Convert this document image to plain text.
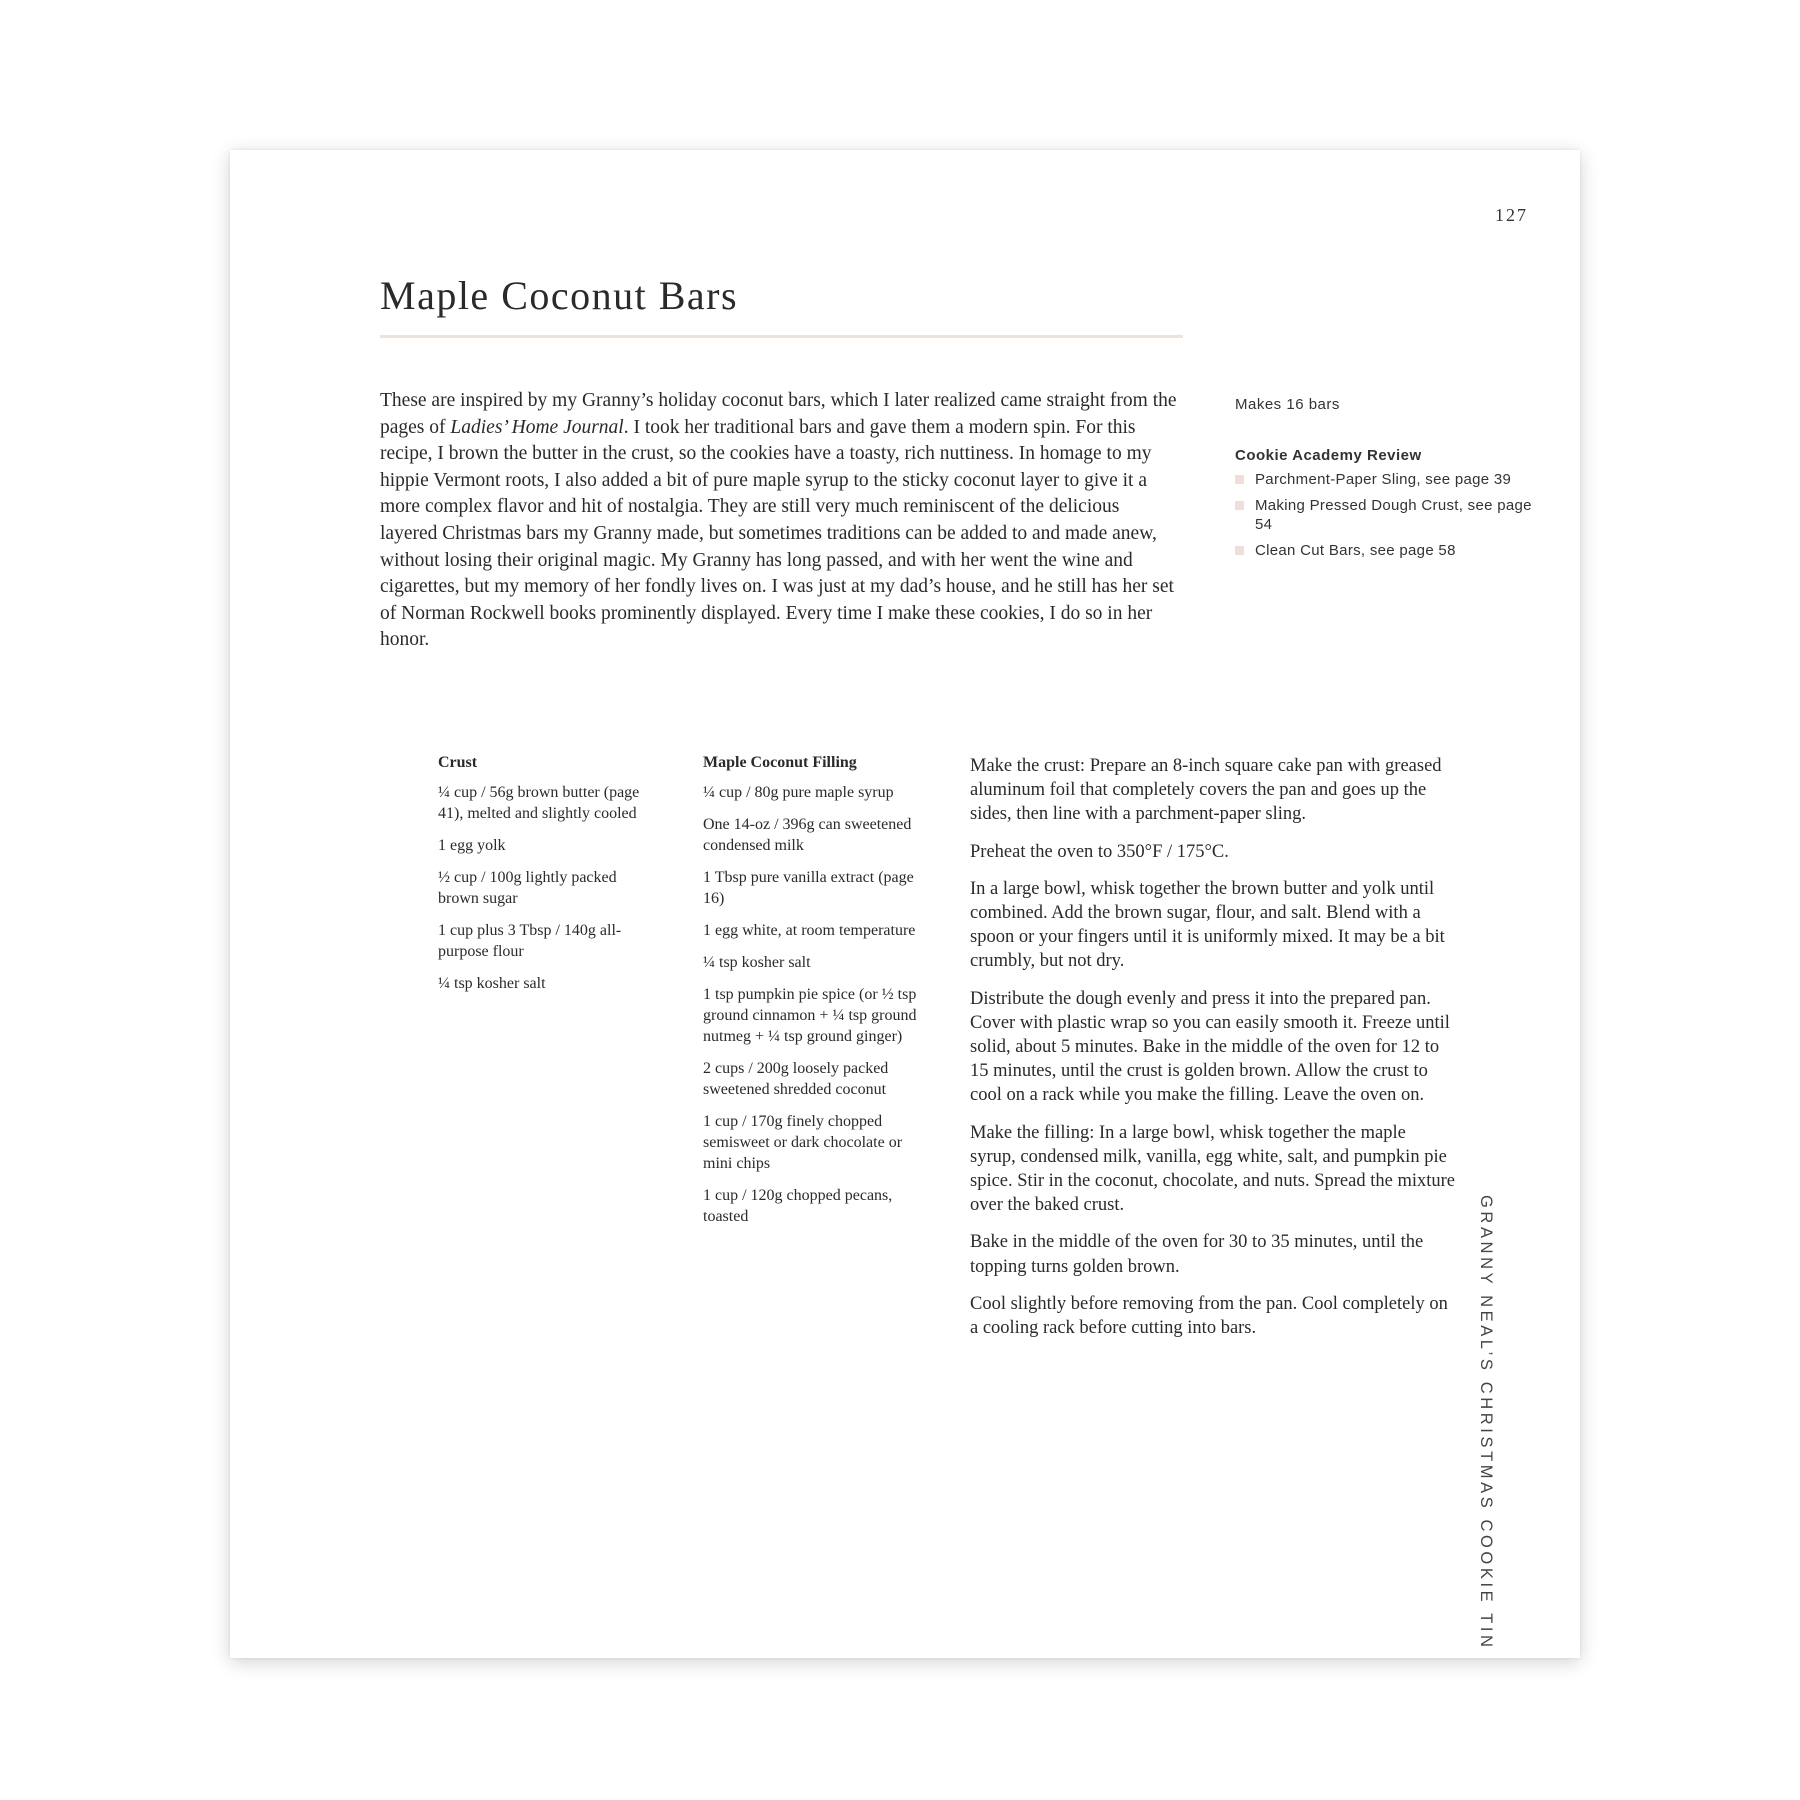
127
Maple Coconut Bars

These are inspired by my Granny’s holiday coconut bars, which I later realized came straight from the pages of Ladies’ Home Journal. I took her traditional bars and gave them a modern spin. For this recipe, I brown the butter in the crust, so the cookies have a toasty, rich nuttiness. In homage to my hippie Vermont roots, I also added a bit of pure maple syrup to the sticky coconut layer to give it a more complex flavor and hit of nostalgia. They are still very much reminiscent of the delicious layered Christmas bars my Granny made, but sometimes traditions can be added to and made anew, without losing their original magic. My Granny has long passed, and with her went the wine and cigarettes, but my memory of her fondly lives on. I was just at my dad’s house, and he still has her set of Norman Rockwell books prominently displayed. Every time I make these cookies, I do so in her honor.

Makes 16 bars

Cookie Academy Review

Parchment-Paper Sling, see page 39
Making Pressed Dough Crust, see page 54
Clean Cut Bars, see page 58

Crust

¼ cup / 56g brown butter (page 41), melted and slightly cooled
1 egg yolk
½ cup / 100g lightly packed brown sugar
1 cup plus 3 Tbsp / 140g all-purpose flour
¼ tsp kosher salt

Maple Coconut Filling

¼ cup / 80g pure maple syrup
One 14-oz / 396g can sweetened condensed milk
1 Tbsp pure vanilla extract (page 16)
1 egg white, at room temperature
¼ tsp kosher salt
1 tsp pumpkin pie spice (or ½ tsp ground cinnamon + ¼ tsp ground nutmeg + ¼ tsp ground ginger)
2 cups / 200g loosely packed sweetened shredded coconut
1 cup / 170g finely chopped semisweet or dark chocolate or mini chips
1 cup / 120g chopped pecans, toasted

Make the crust: Prepare an 8-inch square cake pan with greased aluminum foil that completely covers the pan and goes up the sides, then line with a parchment-paper sling.

Preheat the oven to 350°F / 175°C.

In a large bowl, whisk together the brown butter and yolk until combined. Add the brown sugar, flour, and salt. Blend with a spoon or your fingers until it is uniformly mixed. It may be a bit crumbly, but not dry.

Distribute the dough evenly and press it into the prepared pan. Cover with plastic wrap so you can easily smooth it. Freeze until solid, about 5 minutes. Bake in the middle of the oven for 12 to 15 minutes, until the crust is golden brown. Allow the crust to cool on a rack while you make the filling. Leave the oven on.

Make the filling: In a large bowl, whisk together the maple syrup, condensed milk, vanilla, egg white, salt, and pumpkin pie spice. Stir in the coconut, chocolate, and nuts. Spread the mixture over the baked crust.

Bake in the middle of the oven for 30 to 35 minutes, until the topping turns golden brown.

Cool slightly before removing from the pan. Cool completely on a cooling rack before cutting into bars.	GRANNY NEAL’S CHRISTMAS COOKIE TIN
